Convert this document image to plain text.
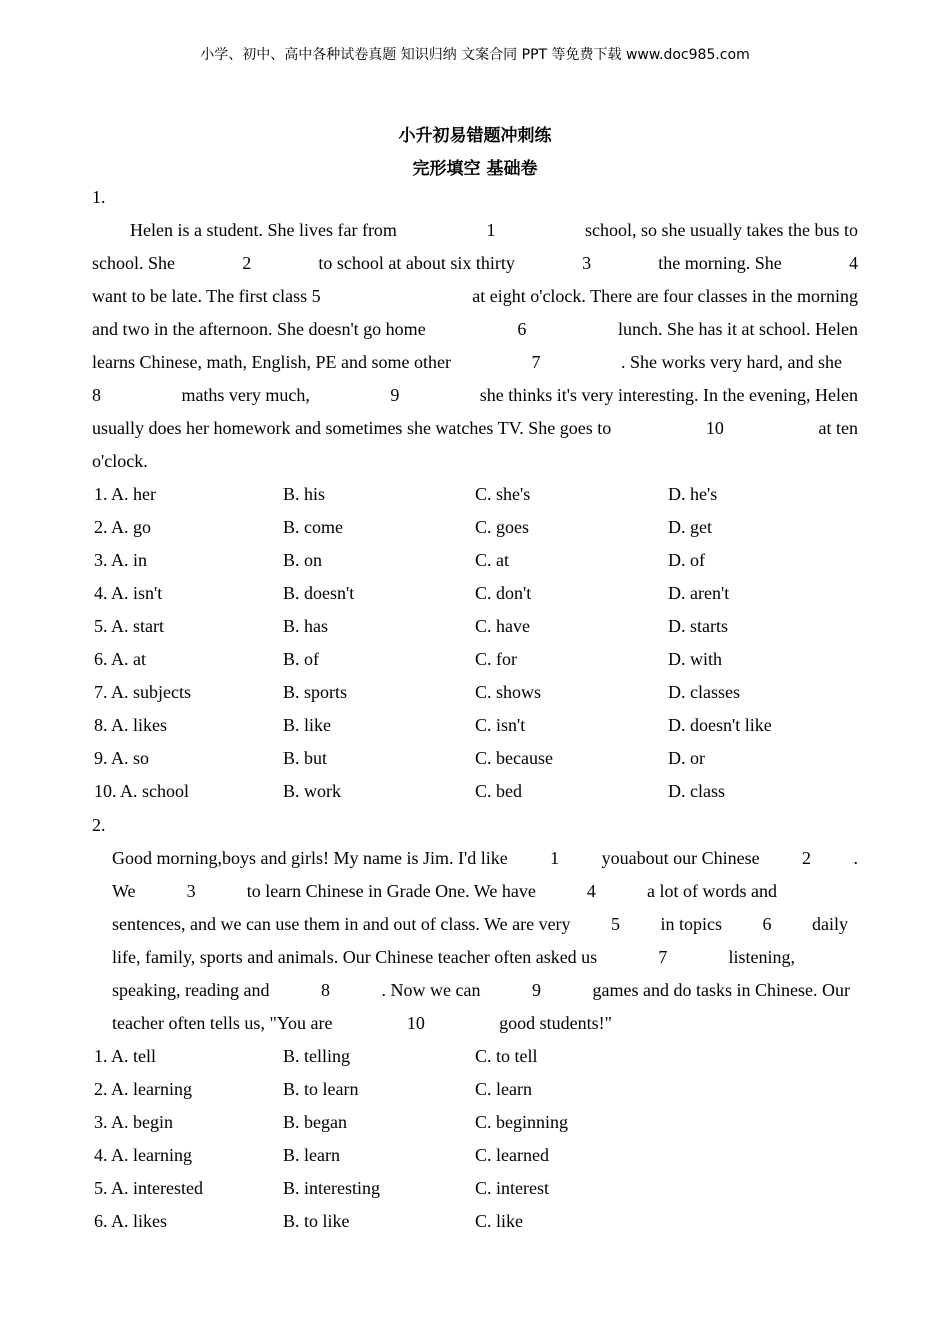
小学、初中、高中各种试卷真题 知识归纳 文案合同 PPT 等免费下载 www.doc985.com
小升初易错题冲刺练
完形填空 基础卷
1.
Helen is a student. She lives far from	1	school, so she usually takes the bus to
school. She	2	to school at about six thirty	3	the morning. She	4
want to be late. The first class 5	at eight o'clock. There are four classes in the morning
and two in the afternoon. She doesn't go home	6	lunch. She has it at school. Helen
learns Chinese, math, English, PE and some other	7	. She works very hard, and she
8	maths very much,	9	she thinks it's very interesting. In the evening, Helen
usually does her homework and sometimes she watches TV. She goes to	10	at ten
o'clock.
1. A. her	B. his	C. she's	D. he's
2. A. go	B. come	C. goes	D. get
3. A. in	B. on	C. at	D. of
4. A. isn't	B. doesn't	C. don't	D. aren't
5. A. start	B. has	C. have	D. starts
6. A. at	B. of	C. for	D. with
7. A. subjects	B. sports	C. shows	D. classes
8. A. likes	B. like	C. isn't	D. doesn't like
9. A. so	B. but	C. because	D. or
10. A. school	B. work	C. bed	D. class
2.
Good morning,boys and girls! My name is Jim. I'd like 1 youabout our Chinese 2 .
We	3	to learn Chinese in Grade One. We have	4	a lot of words and
sentences, and we can use them in and out of class. We are very 5 in topics 6 daily
life, family, sports and animals. Our Chinese teacher often asked us	7	listening,
speaking, reading and	8	. Now we can	9	games and do tasks in Chinese. Our
teacher often tells us, "You are	10	good students!"
1. A. tell	B. telling	C. to tell
2. A. learning	B. to learn	C. learn
3. A. begin	B. began	C. beginning
4. A. learning	B. learn	C. learned
5. A. interested	B. interesting	C. interest
6. A. likes	B. to like	C. like
